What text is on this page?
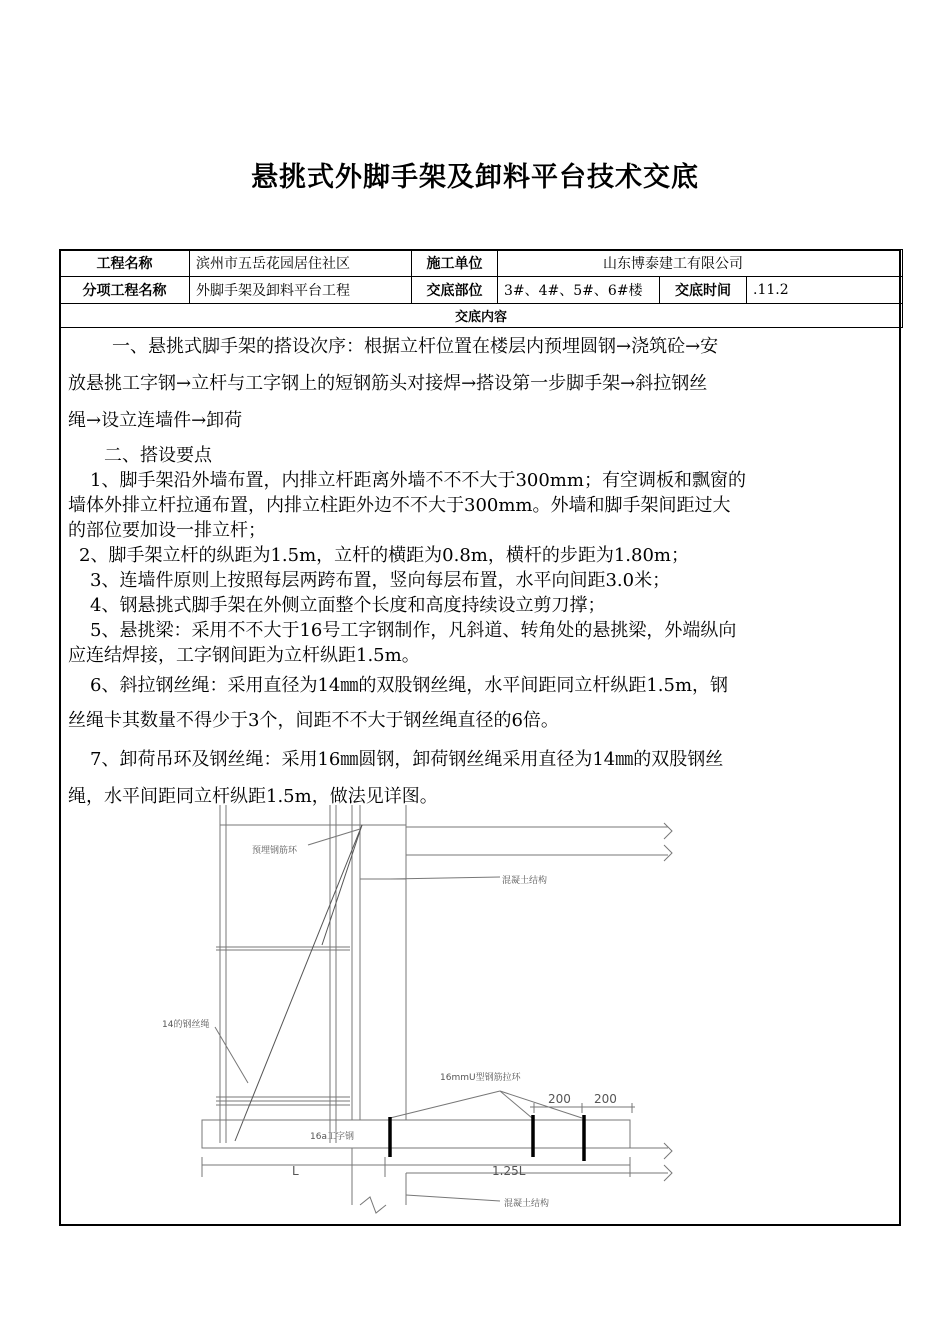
悬挑式外脚手架及卸料平台技术交底
工程名称	滨州市五岳花园居住社区	施工单位	山东博泰建工有限公司		
分项工程名称	外脚手架及卸料平台工程	交底部位	3#、4#、5#、6#楼	交底时间	.11.2
交底内容					

一、悬挑式脚手架的搭设次序：根据立杆位置在楼层内预埋圆钢→浇筑砼→安

放悬挑工字钢→立杆与工字钢上的短钢筋头对接焊→搭设第一步脚手架→斜拉钢丝

绳→设立连墙件→卸荷

二、搭设要点

1、脚手架沿外墙布置，内排立杆距离外墙不不不大于300mm；有空调板和飘窗的

墙体外排立杆拉通布置，内排立柱距外边不不大于300mm。外墙和脚手架间距过大

的部位要加设一排立杆；

2、脚手架立杆的纵距为1.5m，立杆的横距为0.8m，横杆的步距为1.80m；

3、连墙件原则上按照每层两跨布置，竖向每层布置，水平向间距3.0米；

4、钢悬挑式脚手架在外侧立面整个长度和高度持续设立剪刀撑；

5、悬挑梁：采用不不大于16号工字钢制作，凡斜道、转角处的悬挑梁，外端纵向

应连结焊接，工字钢间距为立杆纵距1.5m。

6、斜拉钢丝绳：采用直径为14㎜的双股钢丝绳，水平间距同立杆纵距1.5m，钢

丝绳卡其数量不得少于3个，间距不不大于钢丝绳直径的6倍。

7、卸荷吊环及钢丝绳：采用16㎜圆钢，卸荷钢丝绳采用直径为14㎜的双股钢丝

绳，水平间距同立杆纵距1.5m，做法见详图。

预埋钢筋环
混凝土结构
14的钢丝绳
16mmU型钢筋拉环
200 200
16a工字钢
L	1.25L
混凝土结构
